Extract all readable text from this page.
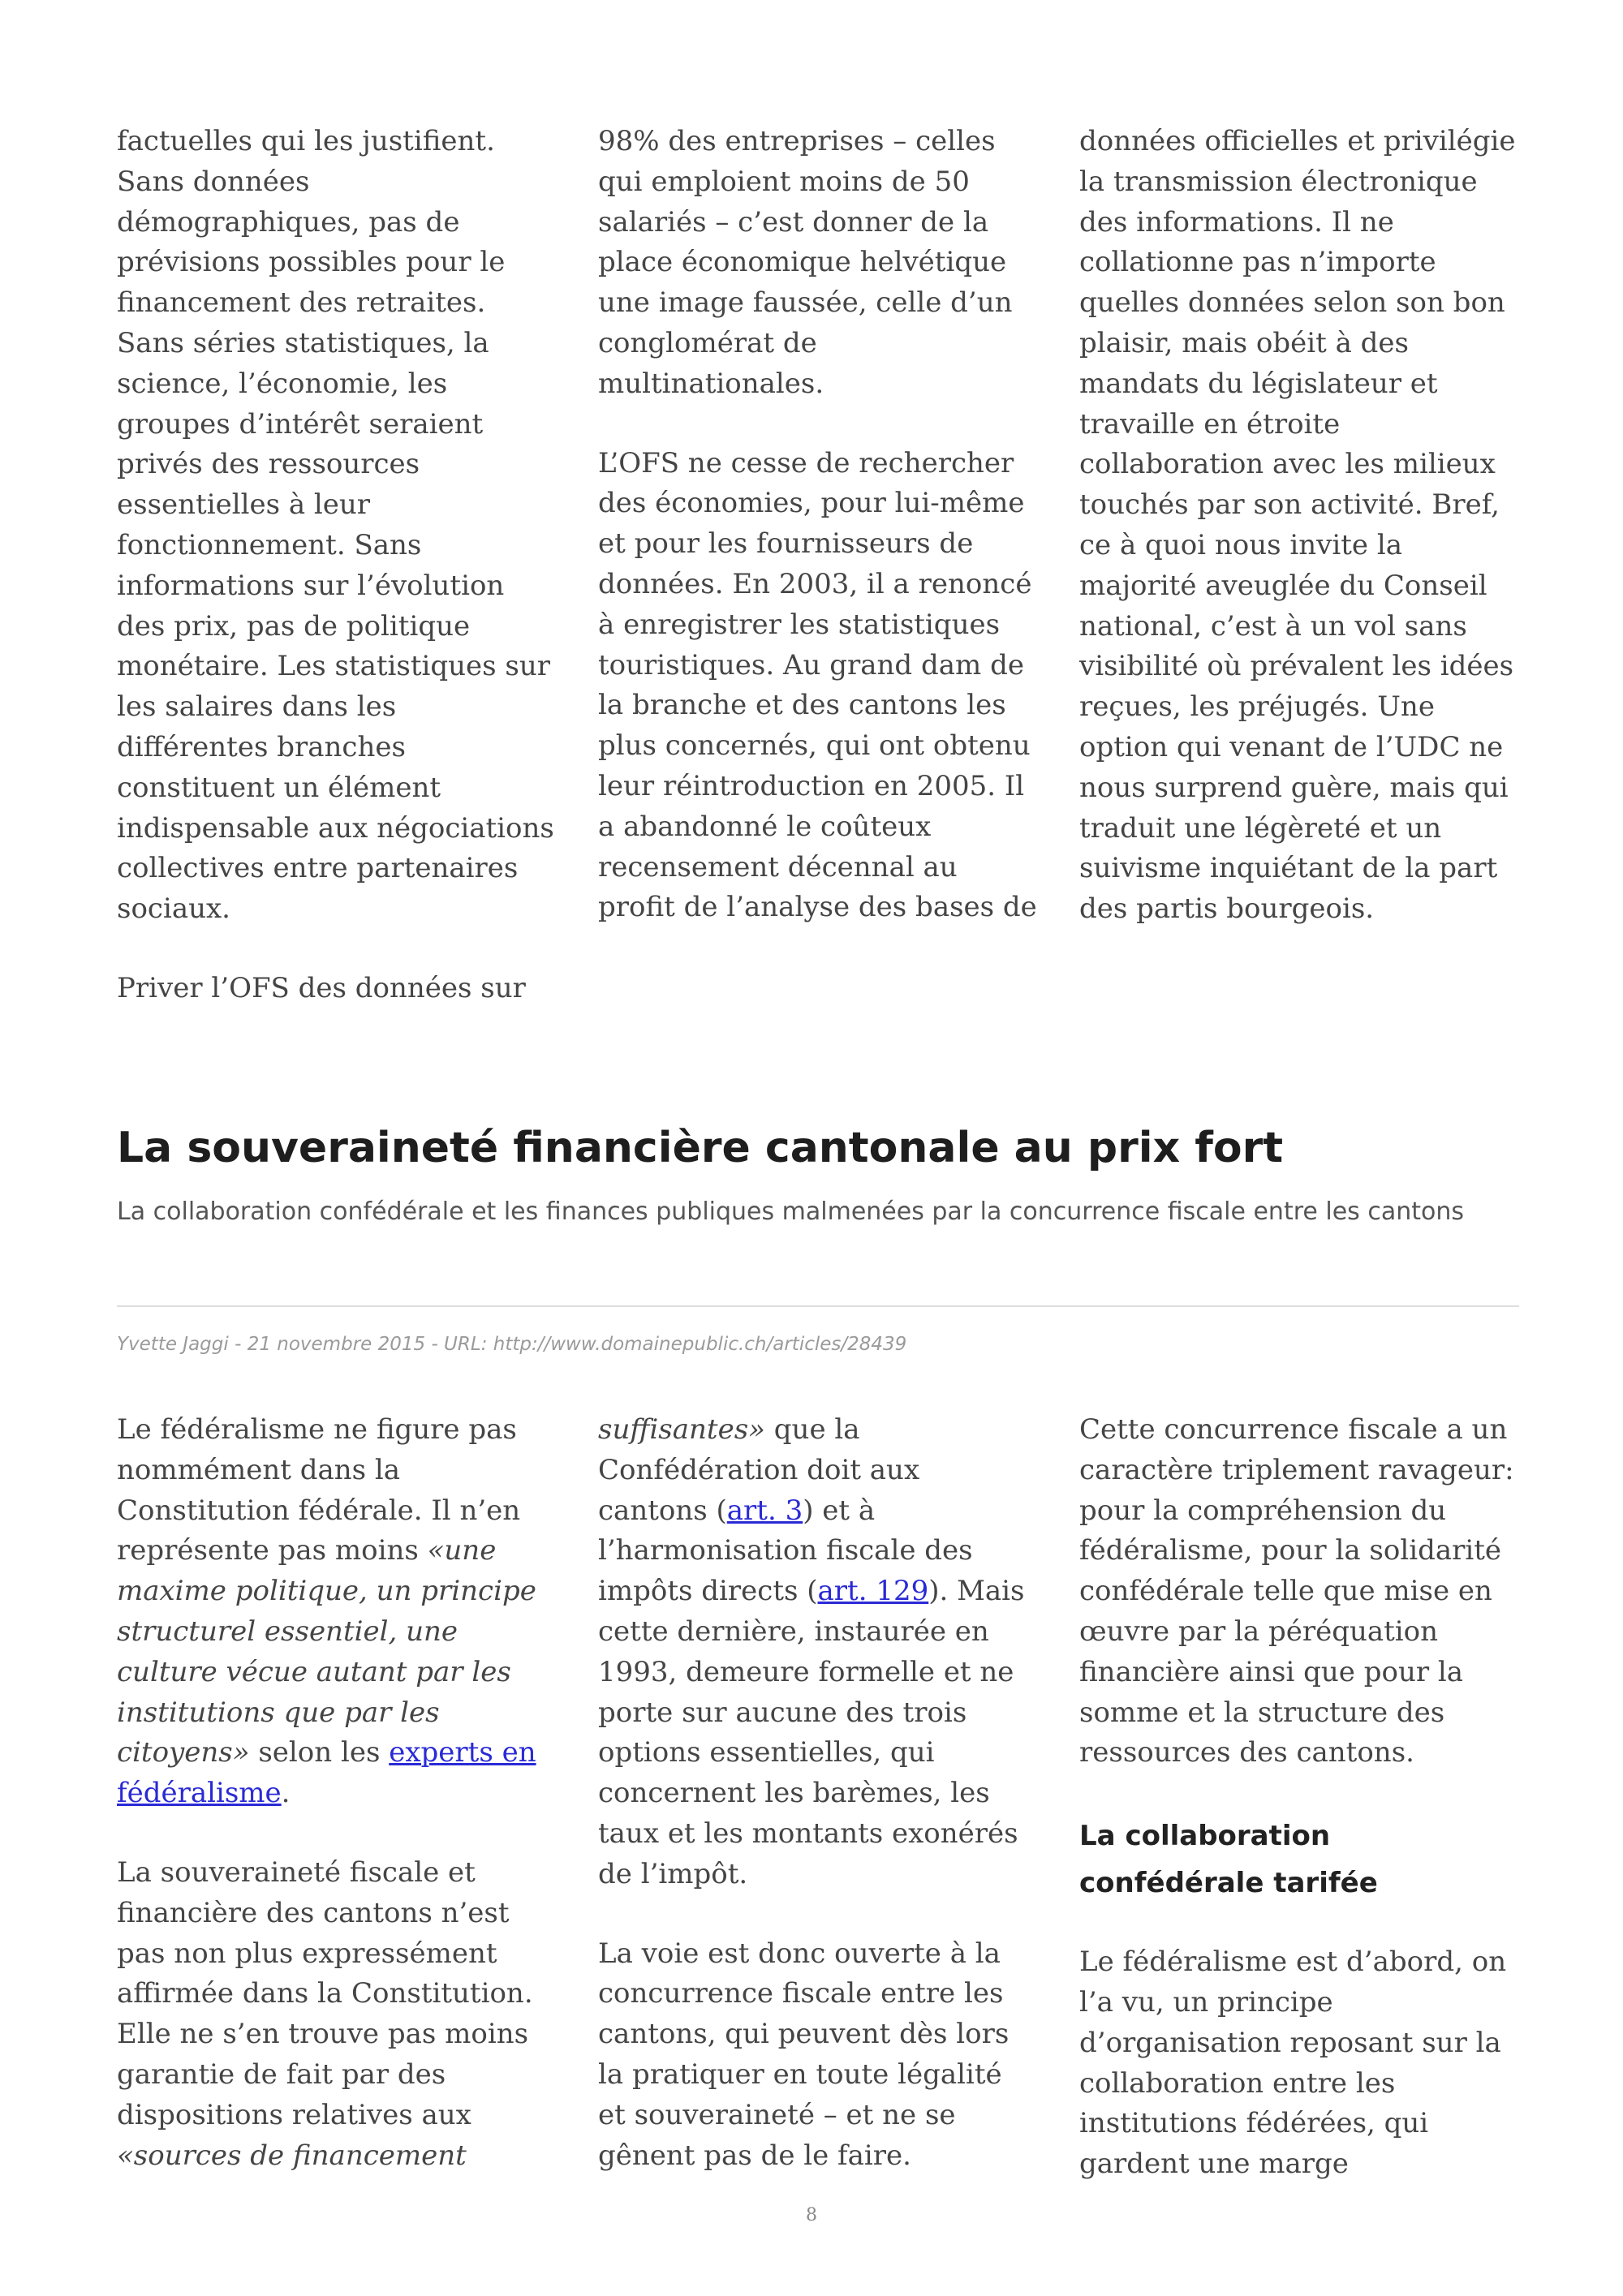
factuelles qui les justifient. Sans données démographiques, pas de prévisions possibles pour le financement des retraites. Sans séries statistiques, la science, l’économie, les groupes d’intérêt seraient privés des ressources essentielles à leur fonctionnement. Sans informations sur l’évolution des prix, pas de politique monétaire. Les statistiques sur les salaires dans les différentes branches constituent un élément indispensable aux négociations collectives entre partenaires sociaux.

Priver l’OFS des données sur

98% des entreprises – celles qui emploient moins de 50 salariés – c’est donner de la place économique helvétique une image faussée, celle d’un conglomérat de multinationales.

L’OFS ne cesse de rechercher des économies, pour lui-même et pour les fournisseurs de données. En 2003, il a renoncé à enregistrer les statistiques touristiques. Au grand dam de la branche et des cantons les plus concernés, qui ont obtenu leur réintroduction en 2005. Il a abandonné le coûteux recensement décennal au profit de l’analyse des bases de

données officielles et privilégie la transmission électronique des informations. Il ne collationne pas n’importe quelles données selon son bon plaisir, mais obéit à des mandats du législateur et travaille en étroite collaboration avec les milieux touchés par son activité. Bref, ce à quoi nous invite la majorité aveuglée du Conseil national, c’est à un vol sans visibilité où prévalent les idées reçues, les préjugés. Une option qui venant de l’UDC ne nous surprend guère, mais qui traduit une légèreté et un suivisme inquiétant de la part des partis bourgeois.

La souveraineté financière cantonale au prix fort

La collaboration confédérale et les finances publiques malmenées par la concurrence fiscale entre les cantons

Yvette Jaggi - 21 novembre 2015 - URL: http://www.domainepublic.ch/articles/28439

Le fédéralisme ne figure pas nommément dans la Constitution fédérale. Il n’en représente pas moins «une maxime politique, un principe structurel essentiel, une culture vécue autant par les institutions que par les citoyens» selon les experts en fédéralisme.

La souveraineté fiscale et financière des cantons n’est pas non plus expressément affirmée dans la Constitution. Elle ne s’en trouve pas moins garantie de fait par des dispositions relatives aux «sources de financement

suffisantes» que la Confédération doit aux cantons (art. 3) et à l’harmonisation fiscale des impôts directs (art. 129). Mais cette dernière, instaurée en 1993, demeure formelle et ne porte sur aucune des trois options essentielles, qui concernent les barèmes, les taux et les montants exonérés de l’impôt.

La voie est donc ouverte à la concurrence fiscale entre les cantons, qui peuvent dès lors la pratiquer en toute légalité et souveraineté – et ne se gênent pas de le faire.

Cette concurrence fiscale a un caractère triplement ravageur: pour la compréhension du fédéralisme, pour la solidarité confédérale telle que mise en œuvre par la péréquation financière ainsi que pour la somme et la structure des ressources des cantons.

La collaboration confédérale tarifée

Le fédéralisme est d’abord, on l’a vu, un principe d’organisation reposant sur la collaboration entre les institutions fédérées, qui gardent une marge

8
